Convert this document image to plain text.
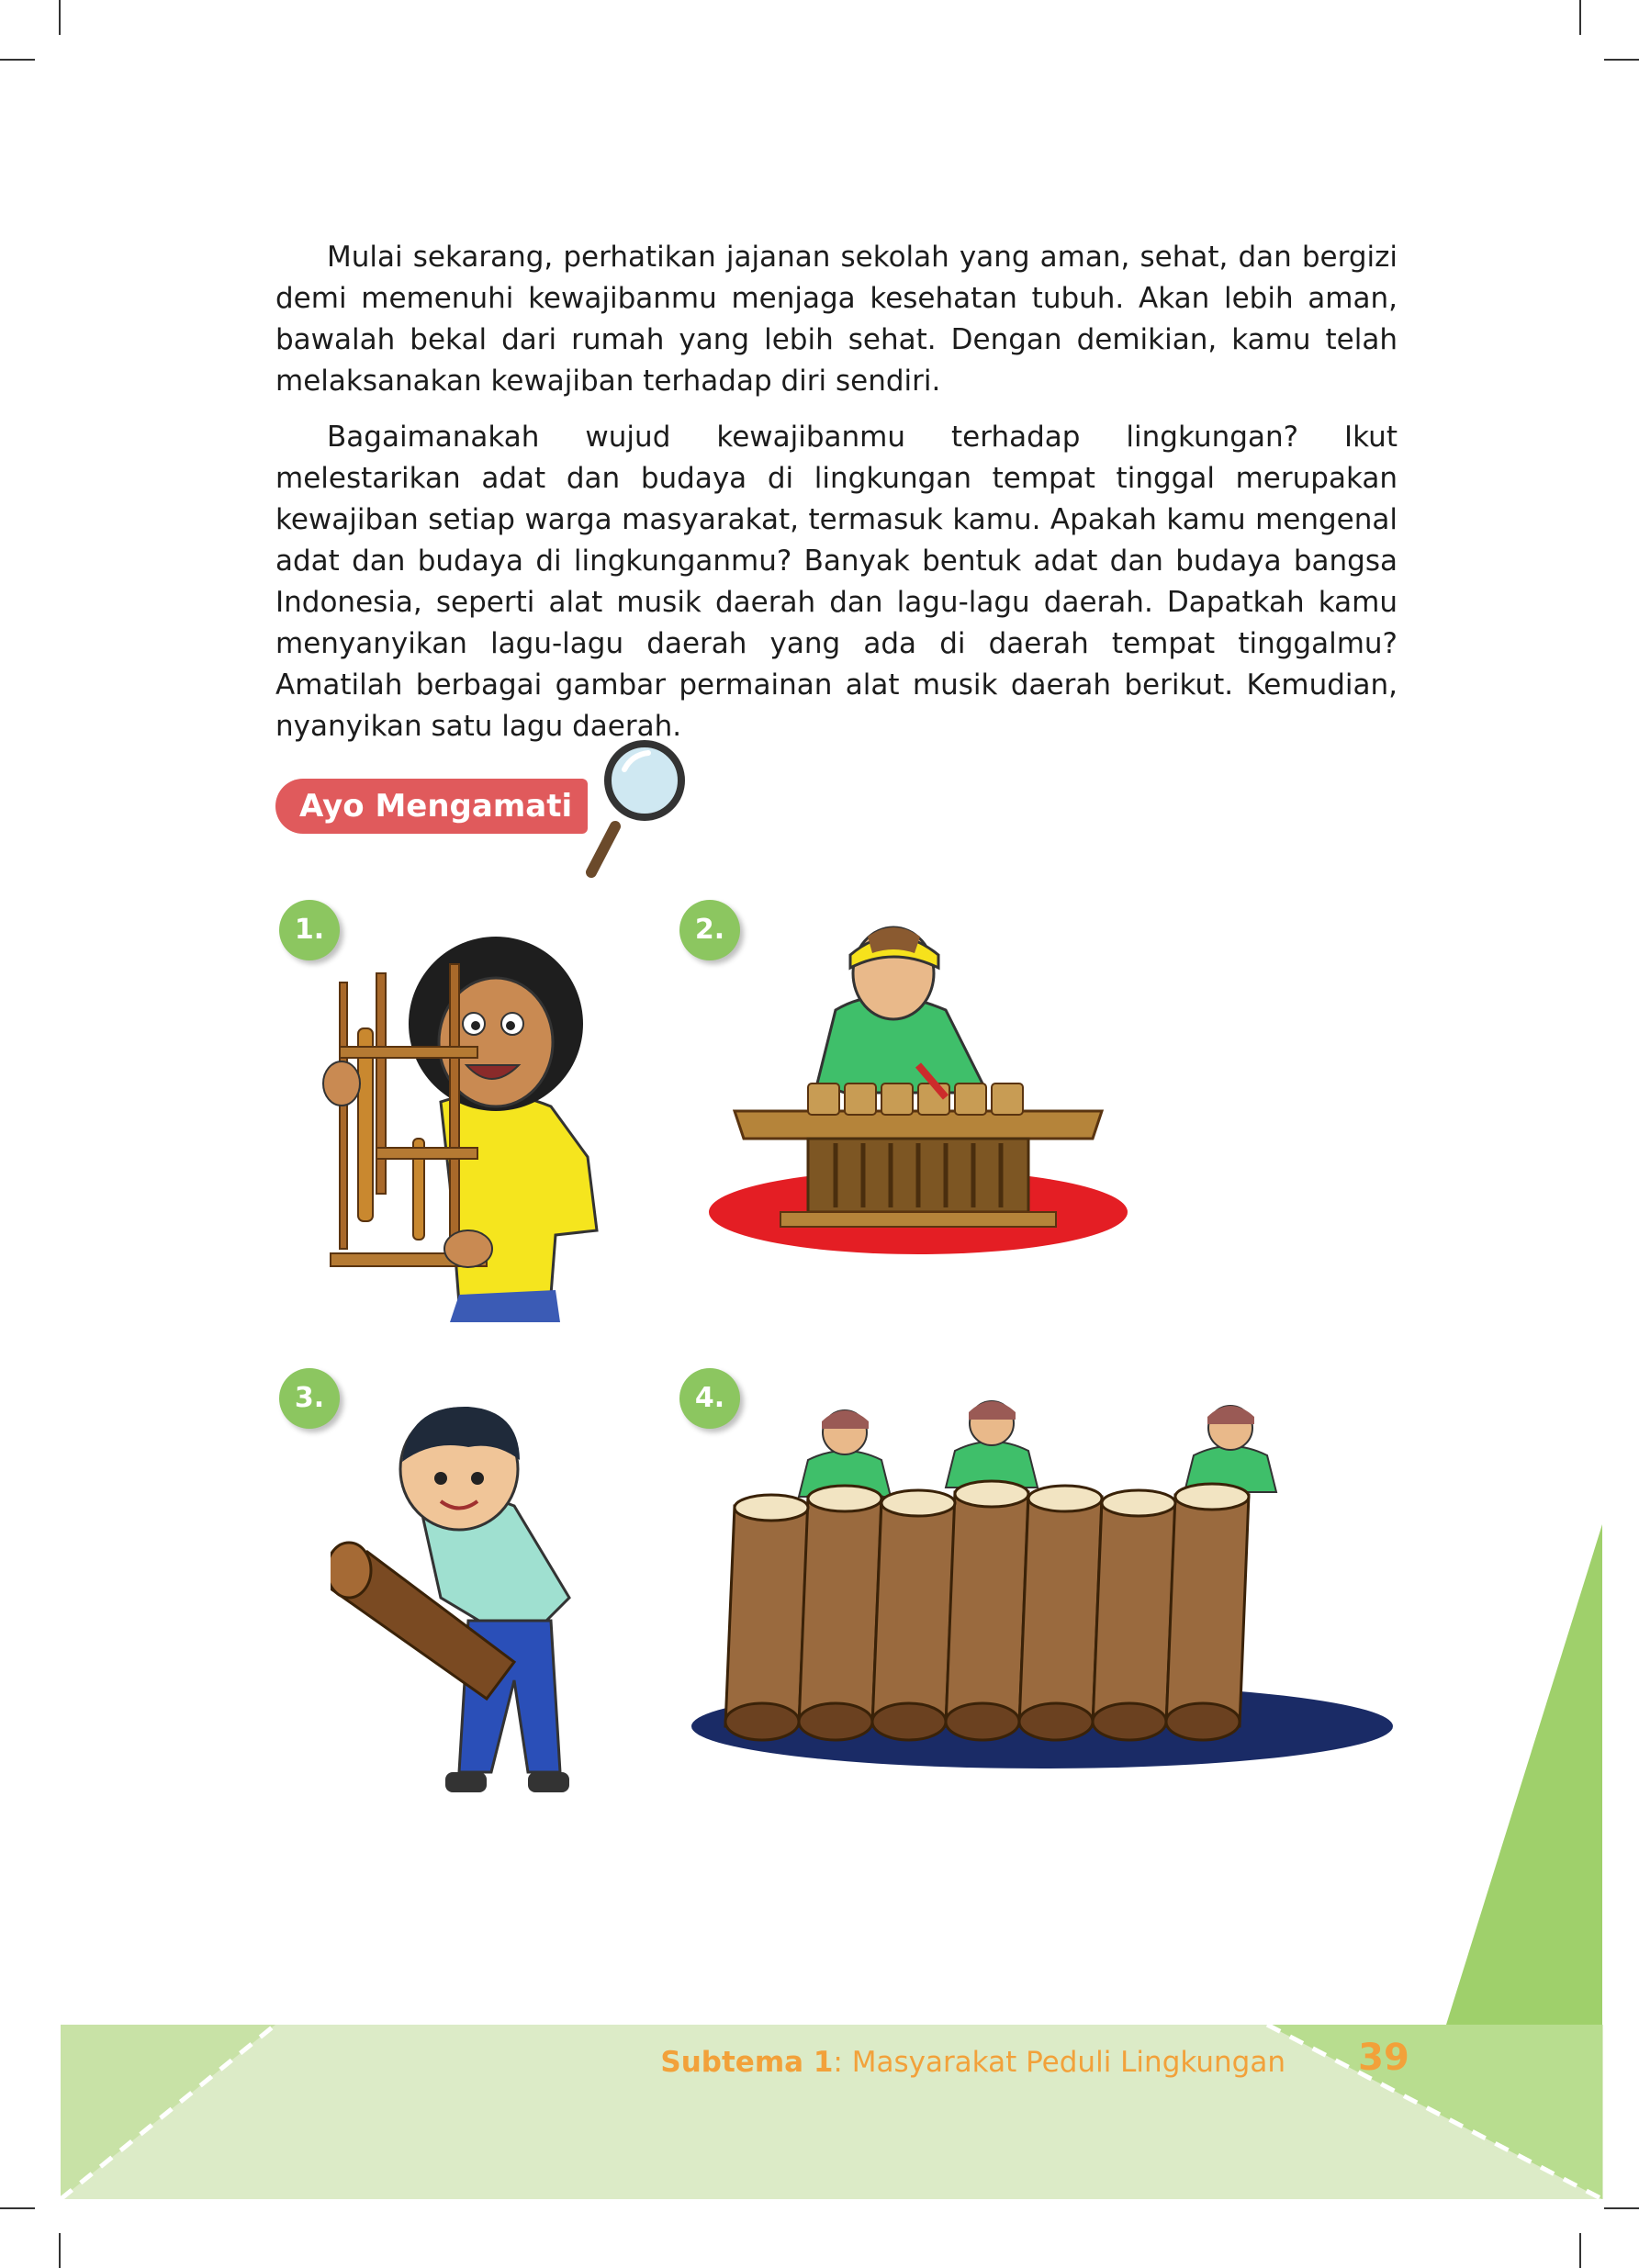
Mulai sekarang, perhatikan jajanan sekolah yang aman, sehat, dan bergizi demi memenuhi kewajibanmu menjaga kesehatan tubuh. Akan lebih aman, bawalah bekal dari rumah yang lebih sehat. Dengan demikian, kamu telah melaksanakan kewajiban terhadap diri sendiri.

Bagaimanakah wujud kewajibanmu terhadap lingkungan? Ikut melestarikan adat dan budaya di lingkungan tempat tinggal merupakan kewajiban setiap warga masyarakat, termasuk kamu. Apakah kamu mengenal adat dan budaya di lingkunganmu? Banyak bentuk adat dan budaya bangsa Indonesia, seperti alat musik daerah dan lagu-lagu daerah. Dapatkah kamu menyanyikan lagu-lagu daerah yang ada di daerah tempat tinggalmu? Amatilah berbagai gambar permainan alat musik daerah berikut. Kemudian, nyanyikan satu lagu daerah.

Ayo Mengamati
1.	2.
3.	4.
Subtema 1: Masyarakat Peduli Lingkungan	39
